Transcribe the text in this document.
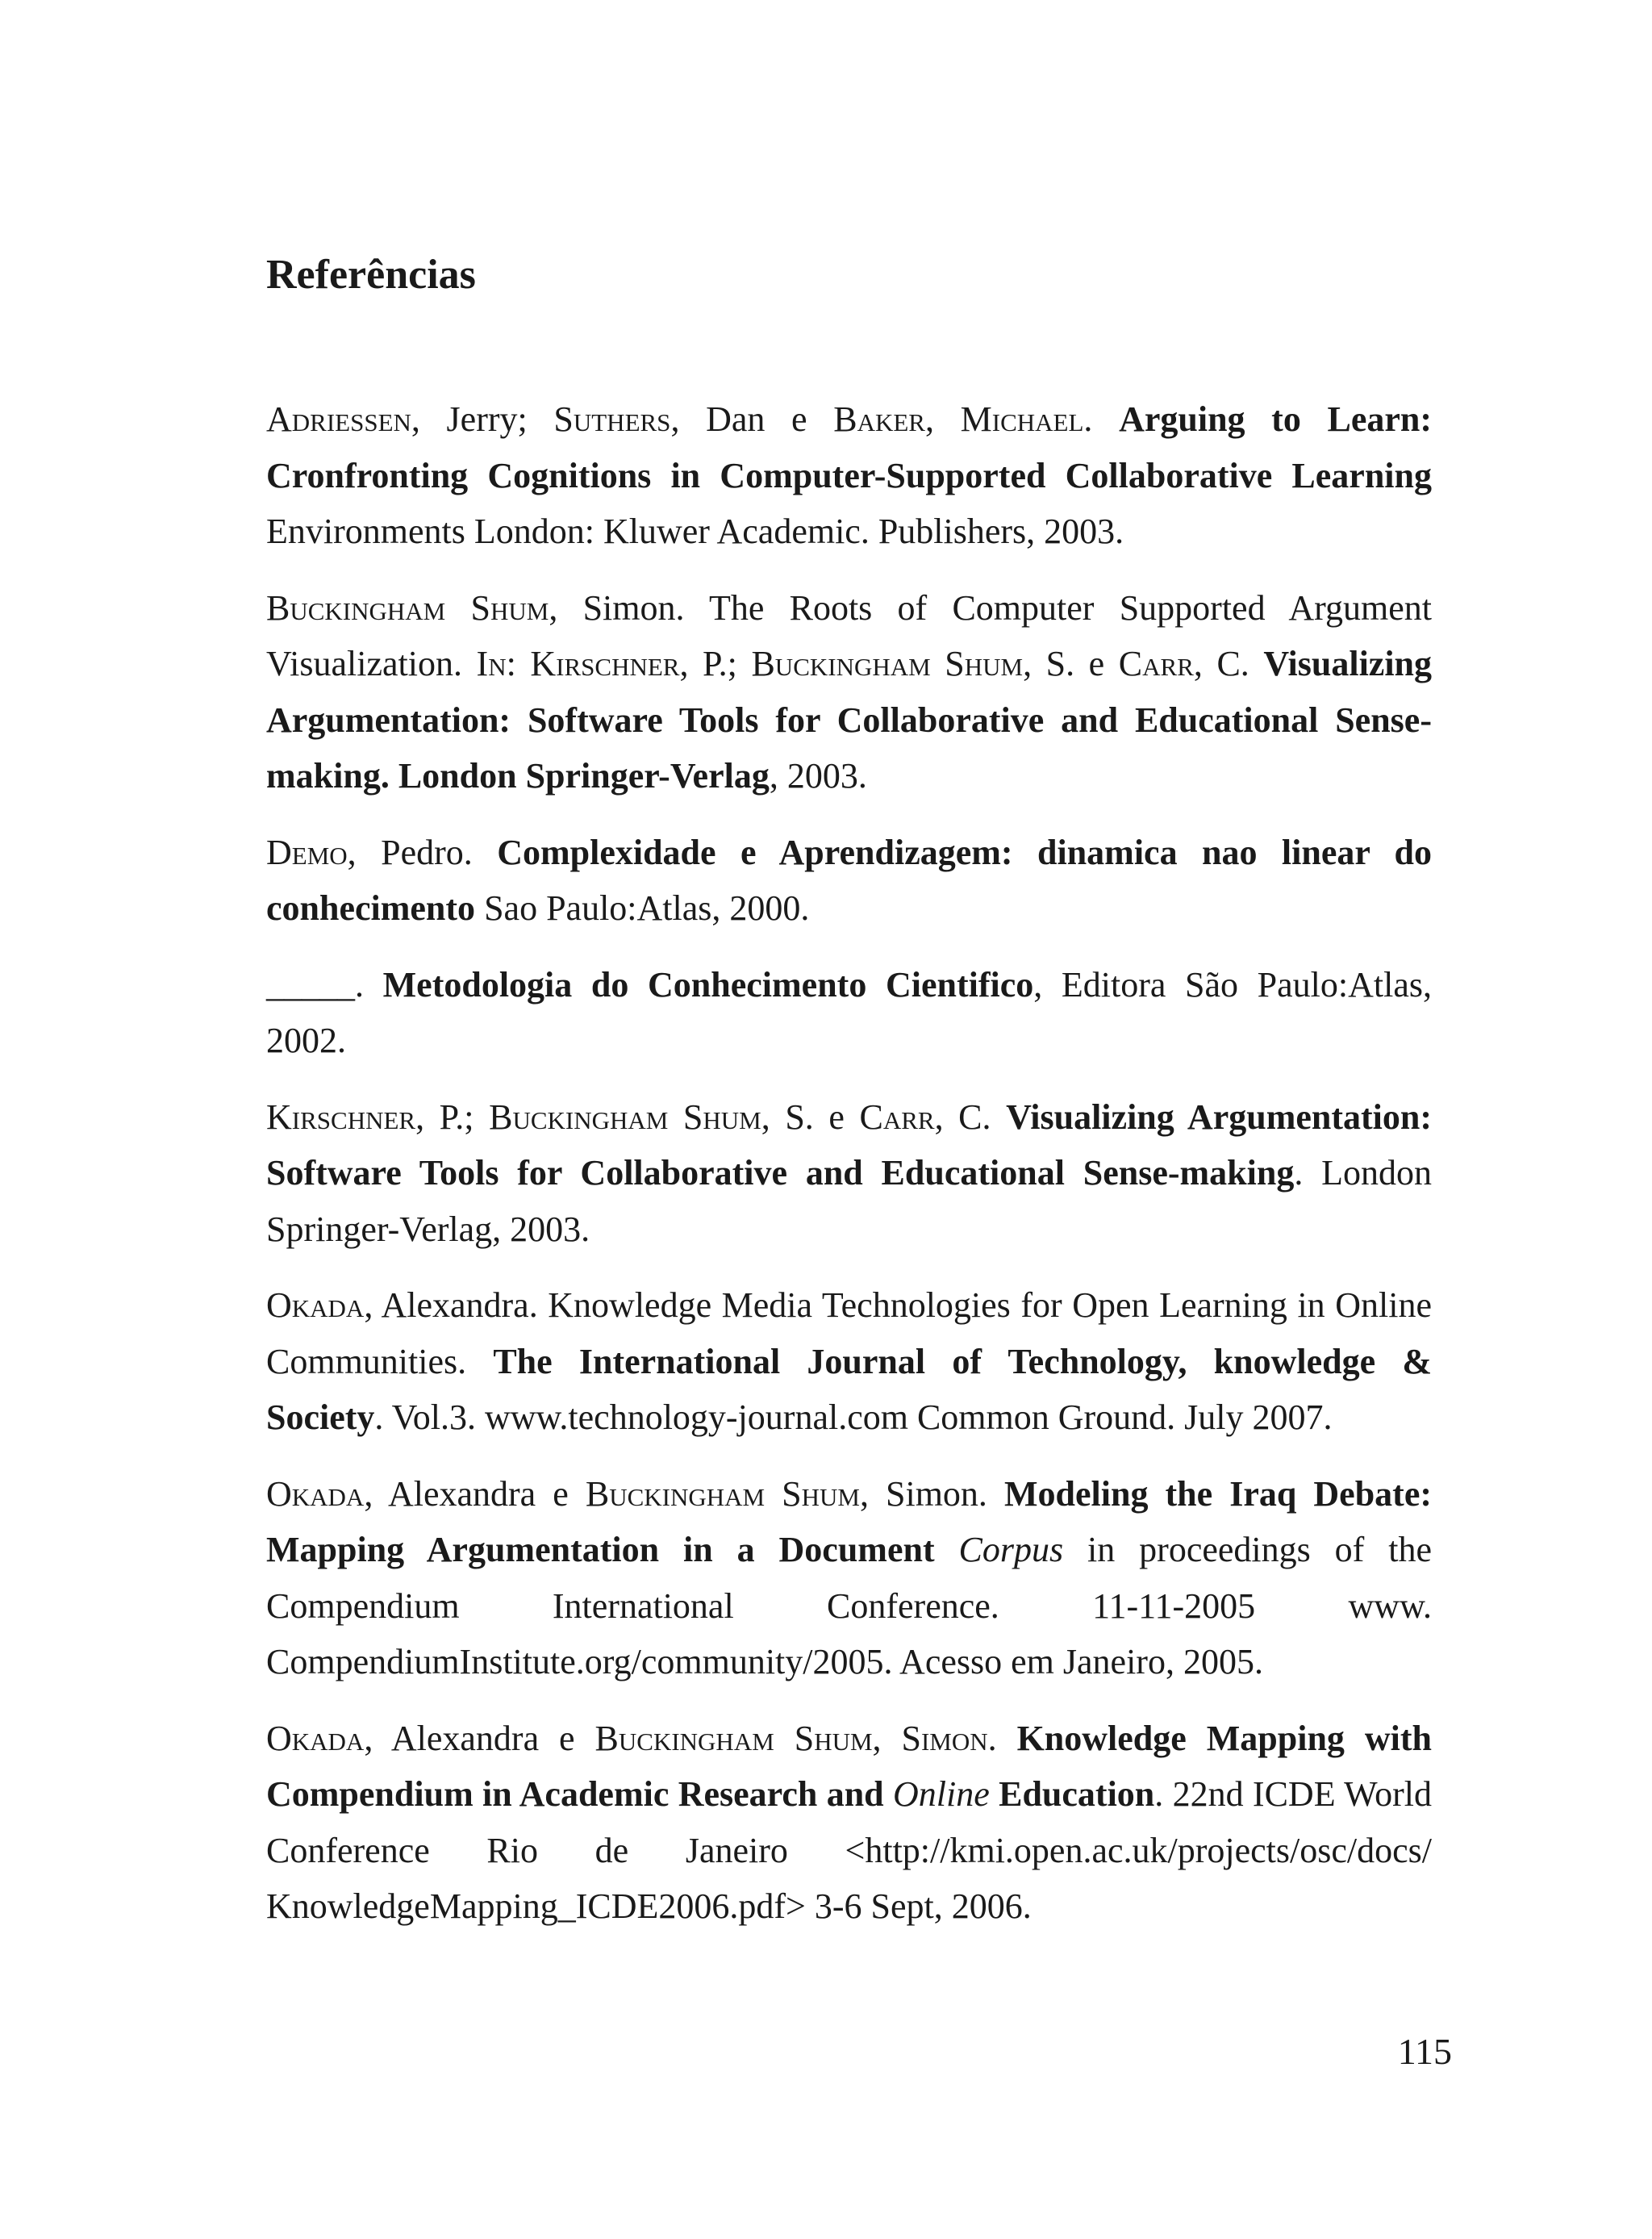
Referências

Adriessen, Jerry; Suthers, Dan e Baker, Michael. Arguing to Learn: Cronfronting Cognitions in Computer-Supported Collaborative Learning Environments London: Kluwer Academic. Publishers, 2003.

Buckingham Shum, Simon. The Roots of Computer Supported Argument Visualization. In: Kirschner, P.; Buckingham Shum, S. e Carr, C. Visualizing Argumentation: Software Tools for Collaborative and Educational Sense-making. London Springer-Verlag, 2003.

Demo, Pedro. Complexidade e Aprendizagem: dinamica nao linear do conhecimento Sao Paulo:Atlas, 2000.

_____. Metodologia do Conhecimento Cientifico, Editora São Paulo:Atlas, 2002.

Kirschner, P.; Buckingham Shum, S. e Carr, C. Visualizing Argumentation: Software Tools for Collaborative and Educational Sense-making. London Springer-Verlag, 2003.

Okada, Alexandra. Knowledge Media Technologies for Open Learning in Online Communities. The International Journal of Technology, knowledge & Society. Vol.3. www.technology-journal.com Common Ground. July 2007.

Okada, Alexandra e Buckingham Shum, Simon. Modeling the Iraq Debate: Mapping Argumentation in a Document Corpus in proceedings of the Compendium International Conference. 11-11-2005 www. CompendiumInstitute.org/community/2005. Acesso em Janeiro, 2005.

Okada, Alexandra e Buckingham Shum, Simon. Knowledge Mapping with Compendium in Academic Research and Online Education. 22nd ICDE World Conference Rio de Janeiro <http://kmi.open.ac.uk/projects/osc/docs/ KnowledgeMapping_ICDE2006.pdf> 3-6 Sept, 2006.

115
